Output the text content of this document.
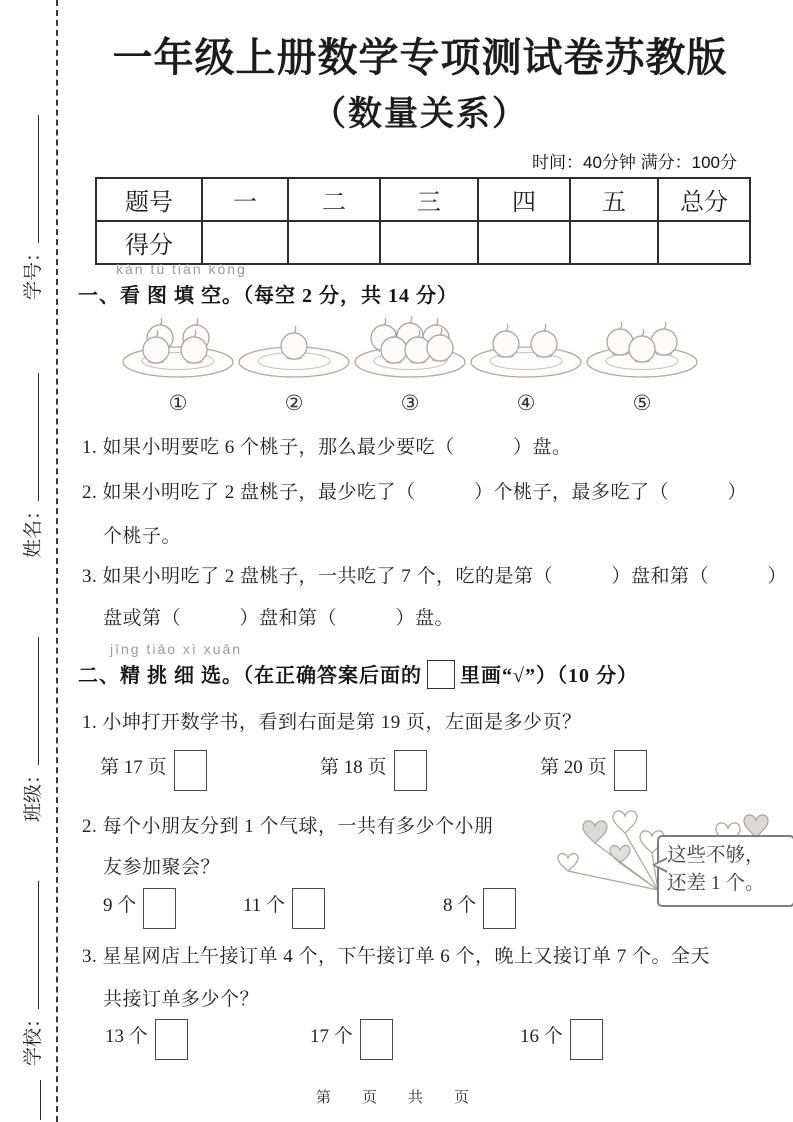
学号：
姓名：
班级：
学校：
一年级上册数学专项测试卷苏教版
（数量关系）
时间：40分钟 满分：100分
题号	一	二	三	四	五	总分
得分						
kàn tú tián kòng
一、看 图 填 空。（每空 2 分，共 14 分）
①	②	③	④	⑤
1. 如果小明要吃 6 个桃子，那么最少要吃（　　　）盘。
2. 如果小明吃了 2 盘桃子，最少吃了（　　　）个桃子，最多吃了（　　　）
个桃子。
3. 如果小明吃了 2 盘桃子，一共吃了 7 个，吃的是第（　　　）盘和第（　　　）
盘或第（　　　）盘和第（　　　）盘。
jīng tiāo xì xuǎn
二、精 挑 细 选。（在正确答案后面的 里画“√”）（10 分）
1. 小坤打开数学书，看到右面是第 19 页，左面是多少页？
第 17 页	第 18 页	第 20 页
2. 每个小朋友分到 1 个气球，一共有多少个小朋
友参加聚会？
这些不够，
还差 1 个。
9 个	11 个	8 个
3. 星星网店上午接订单 4 个，下午接订单 6 个，晚上又接订单 7 个。全天
共接订单多少个？
13 个	17 个	16 个
第　页　共　页
